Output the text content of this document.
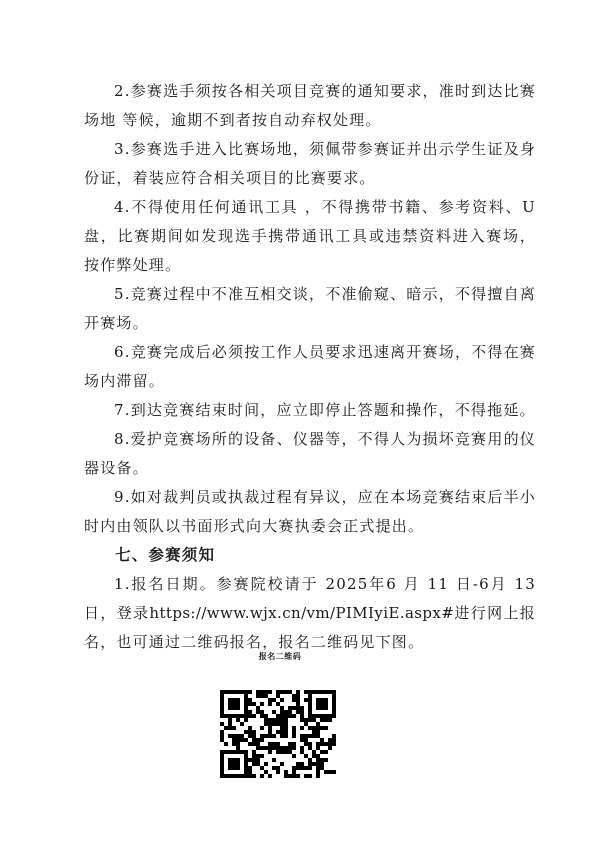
2.参赛选手须按各相关项目竞赛的通知要求，准时到达比赛场地 等候，逾期不到者按自动弃权处理。

3.参赛选手进入比赛场地，须佩带参赛证并出示学生证及身份证，着装应符合相关项目的比赛要求。

4.不得使用任何通讯工具 ，不得携带书籍、参考资料、U 盘，比赛期间如发现选手携带通讯工具或违禁资料进入赛场，按作弊处理。

5.竞赛过程中不准互相交谈，不准偷窥、暗示，不得擅自离 开赛场。

6.竞赛完成后必须按工作人员要求迅速离开赛场，不得在赛 场内滞留。

7.到达竞赛结束时间，应立即停止答题和操作，不得拖延。

8.爱护竞赛场所的设备、仪器等，不得人为损坏竞赛用的仪 器设备。

9.如对裁判员或执裁过程有异议，应在本场竞赛结束后半小 时内由领队以书面形式向大赛执委会正式提出。

七、参赛须知

1.报名日期。参赛院校请于 2025年6 月 11 日-6月 13 日，登录https://www.wjx.cn/vm/PIMIyiE.aspx#进行网上报名，也可通过二维码报名，报名二维码见下图。

报名二维码
